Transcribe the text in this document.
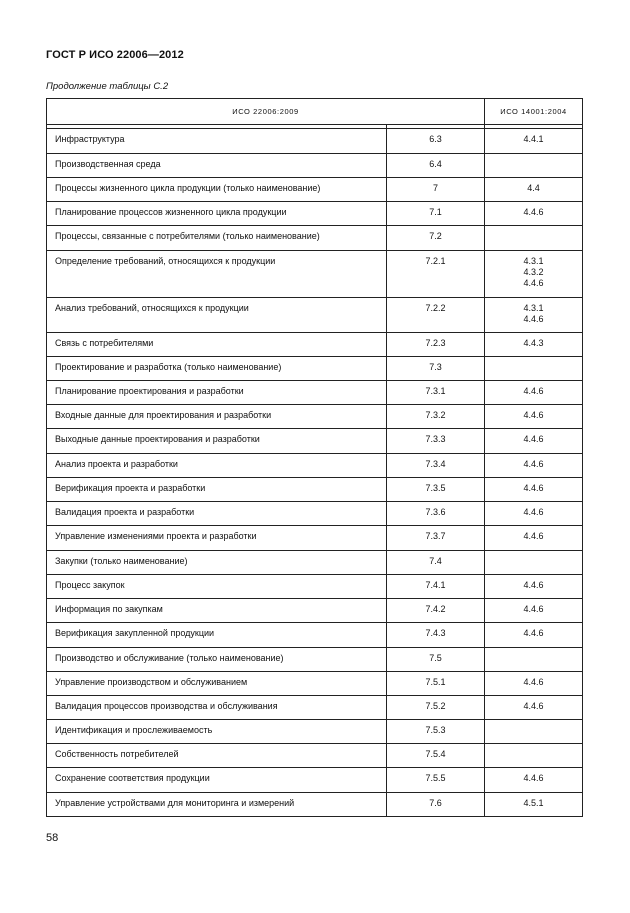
ГОСТ Р ИСО 22006—2012
Продолжение таблицы С.2
ИСО 22006:2009		ИСО 14001:2004

Инфраструктура	6.3	4.4.1

Производственная среда	6.4	
Процессы жизненного цикла продукции (только наименование)	7	4.4

Планирование процессов жизненного цикла продукции	7.1	4.4.6

Процессы, связанные с потребителями (только наименование)	7.2	
Определение требований, относящихся к продукции	7.2.1	4.3.1
4.3.2
4.4.6

Анализ требований, относящихся к продукции	7.2.2	4.3.1
4.4.6

Связь с потребителями	7.2.3	4.4.3

Проектирование и разработка (только наименование)	7.3	
Планирование проектирования и разработки	7.3.1	4.4.6

Входные данные для проектирования и разработки	7.3.2	4.4.6

Выходные данные проектирования и разработки	7.3.3	4.4.6

Анализ проекта и разработки	7.3.4	4.4.6

Верификация проекта и разработки	7.3.5	4.4.6

Валидация проекта и разработки	7.3.6	4.4.6

Управление изменениями проекта и разработки	7.3.7	4.4.6

Закупки (только наименование)	7.4	
Процесс закупок	7.4.1	4.4.6

Информация по закупкам	7.4.2	4.4.6

Верификация закупленной продукции	7.4.3	4.4.6

Производство и обслуживание (только наименование)	7.5	
Управление производством и обслуживанием	7.5.1	4.4.6

Валидация процессов производства и обслуживания	7.5.2	4.4.6

Идентификация и прослеживаемость	7.5.3	
Собственность потребителей	7.5.4	
Сохранение соответствия продукции	7.5.5	4.4.6

Управление устройствами для мониторинга и измерений	7.6	4.5.1
58
